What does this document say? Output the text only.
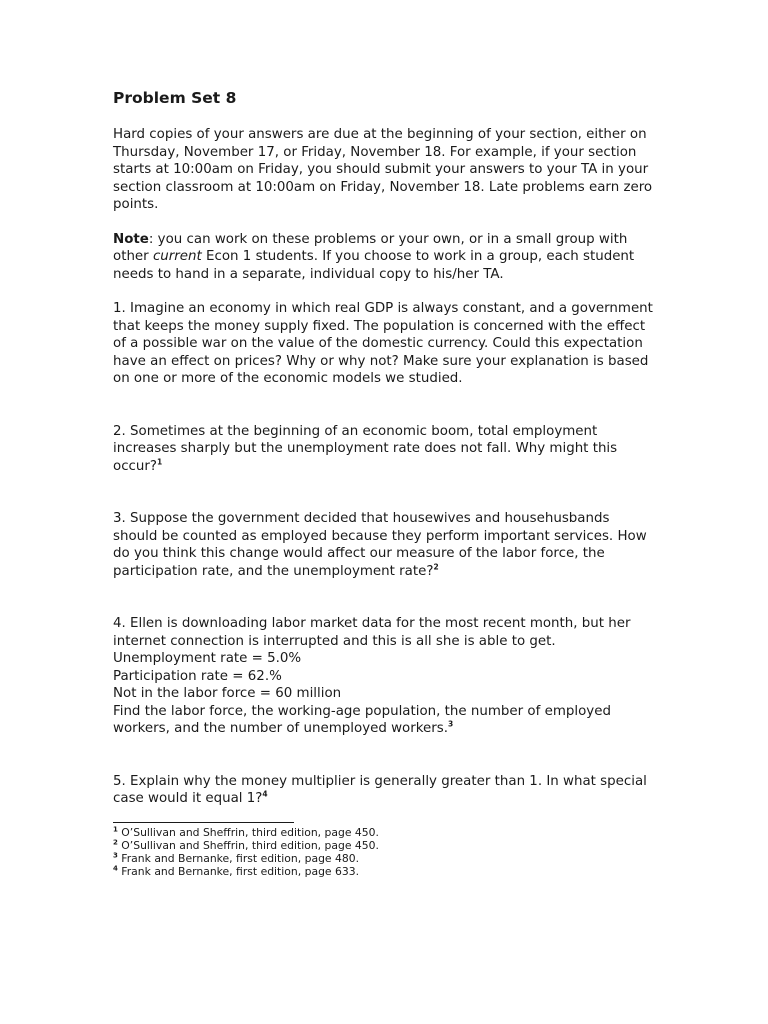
Problem Set 8

Hard copies of your answers are due at the beginning of your section, either on Thursday, November 17, or Friday, November 18. For example, if your section starts at 10:00am on Friday, you should submit your answers to your TA in your section classroom at 10:00am on Friday, November 18. Late problems earn zero points.

Note: you can work on these problems or your own, or in a small group with other current Econ 1 students. If you choose to work in a group, each student needs to hand in a separate, individual copy to his/her TA.

1. Imagine an economy in which real GDP is always constant, and a government that keeps the money supply fixed. The population is concerned with the effect of a possible war on the value of the domestic currency. Could this expectation have an effect on prices? Why or why not? Make sure your explanation is based on one or more of the economic models we studied.

2. Sometimes at the beginning of an economic boom, total employment increases sharply but the unemployment rate does not fall. Why might this occur?$^1$

3. Suppose the government decided that housewives and househusbands should be counted as employed because they perform important services. How do you think this change would affect our measure of the labor force, the participation rate, and the unemployment rate?$^2$

4. Ellen is downloading labor market data for the most recent month, but her internet connection is interrupted and this is all she is able to get.
Unemployment rate = 5.0%
Participation rate = 62.%
Not in the labor force = 60 million
Find the labor force, the working-age population, the number of employed workers, and the number of unemployed workers.$^3$

5. Explain why the money multiplier is generally greater than 1. In what special case would it equal 1?$^4$

$^1$ O’Sullivan and Sheffrin, third edition, page 450.

$^2$ O’Sullivan and Sheffrin, third edition, page 450.

$^3$ Frank and Bernanke, first edition, page 480.

$^4$ Frank and Bernanke, first edition, page 633.
